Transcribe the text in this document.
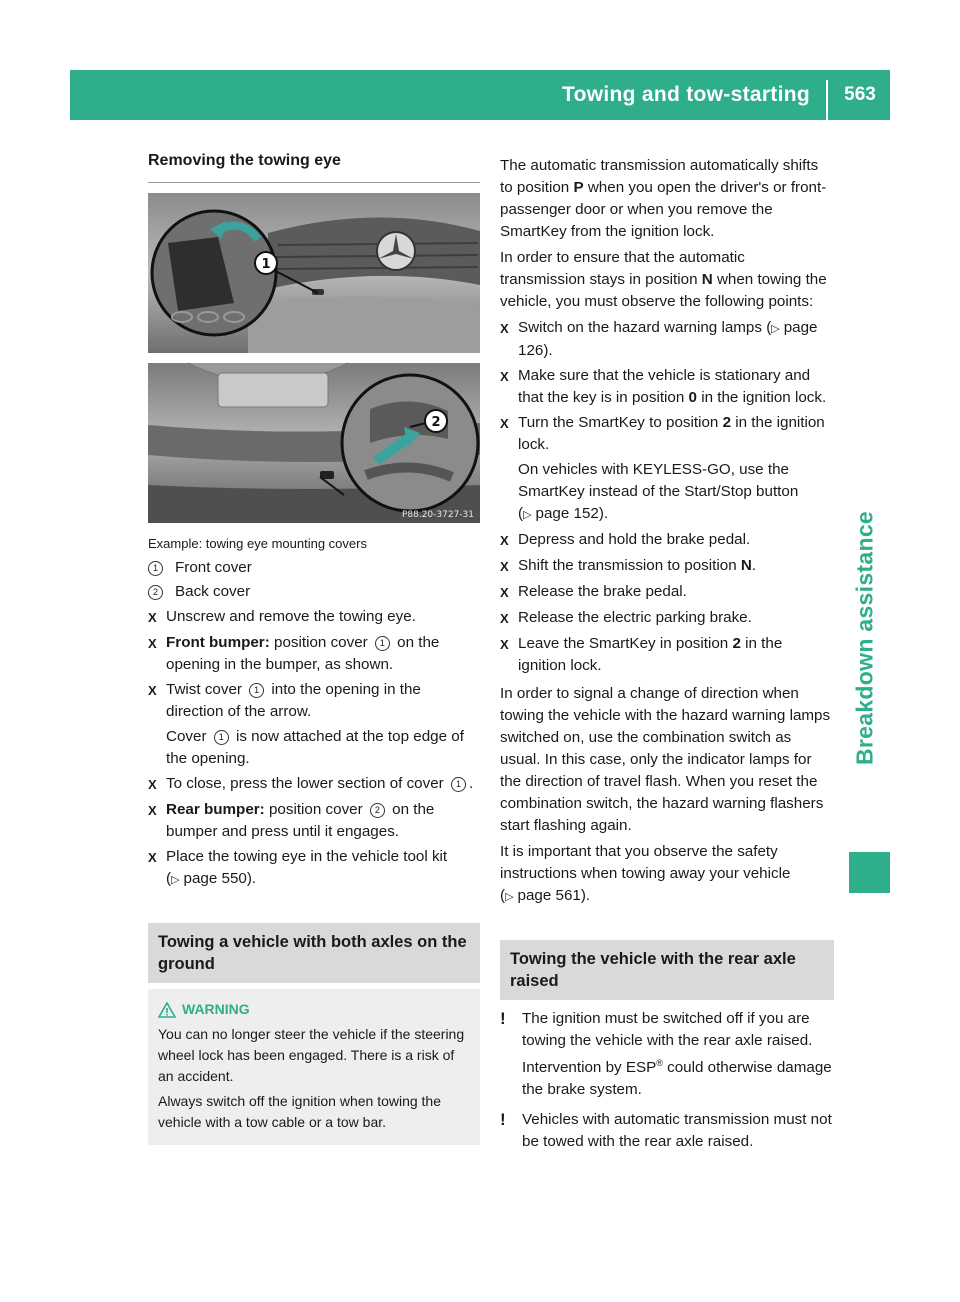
Towing and tow-starting	563
Breakdown assistance
Removing the towing eye
1
2
P88.20-3727-31
Example: towing eye mounting covers
1	Front cover
2	Back cover
X Unscrew and remove the towing eye.
X Front bumper: position cover 1 on the opening in the bumper, as shown.
X Twist cover 1 into the opening in the direction of the arrow.
Cover 1 is now attached at the top edge of the opening.
X To close, press the lower section of cover 1 .
X Rear bumper: position cover 2 on the bumper and press until it engages.
X Place the towing eye in the vehicle tool kit (▷ page 550).
Towing a vehicle with both axles on the ground
WARNING
You can no longer steer the vehicle if the steering wheel lock has been engaged. There is a risk of an accident.
Always switch off the ignition when towing the vehicle with a tow cable or a tow bar.
The automatic transmission automatically shifts to position P when you open the driver's or front-passenger door or when you remove the SmartKey from the ignition lock.
In order to ensure that the automatic transmission stays in position N when towing the vehicle, you must observe the following points:
X Switch on the hazard warning lamps (▷ page 126).
X Make sure that the vehicle is stationary and that the key is in position 0 in the ignition lock.
X Turn the SmartKey to position 2 in the ignition lock.
On vehicles with KEYLESS-GO, use the SmartKey instead of the Start/Stop button (▷ page 152).
X Depress and hold the brake pedal.
X Shift the transmission to position N.
X Release the brake pedal.
X Release the electric parking brake.
X Leave the SmartKey in position 2 in the ignition lock.
In order to signal a change of direction when towing the vehicle with the hazard warning lamps switched on, use the combination switch as usual. In this case, only the indicator lamps for the direction of travel flash. When you reset the combination switch, the hazard warning flashers start flashing again.
It is important that you observe the safety instructions when towing away your vehicle (▷ page 561).
Towing the vehicle with the rear axle raised
!	The ignition must be switched off if you are towing the vehicle with the rear axle raised. Intervention by ESP® could otherwise damage the brake system.
!	Vehicles with automatic transmission must not be towed with the rear axle raised.
